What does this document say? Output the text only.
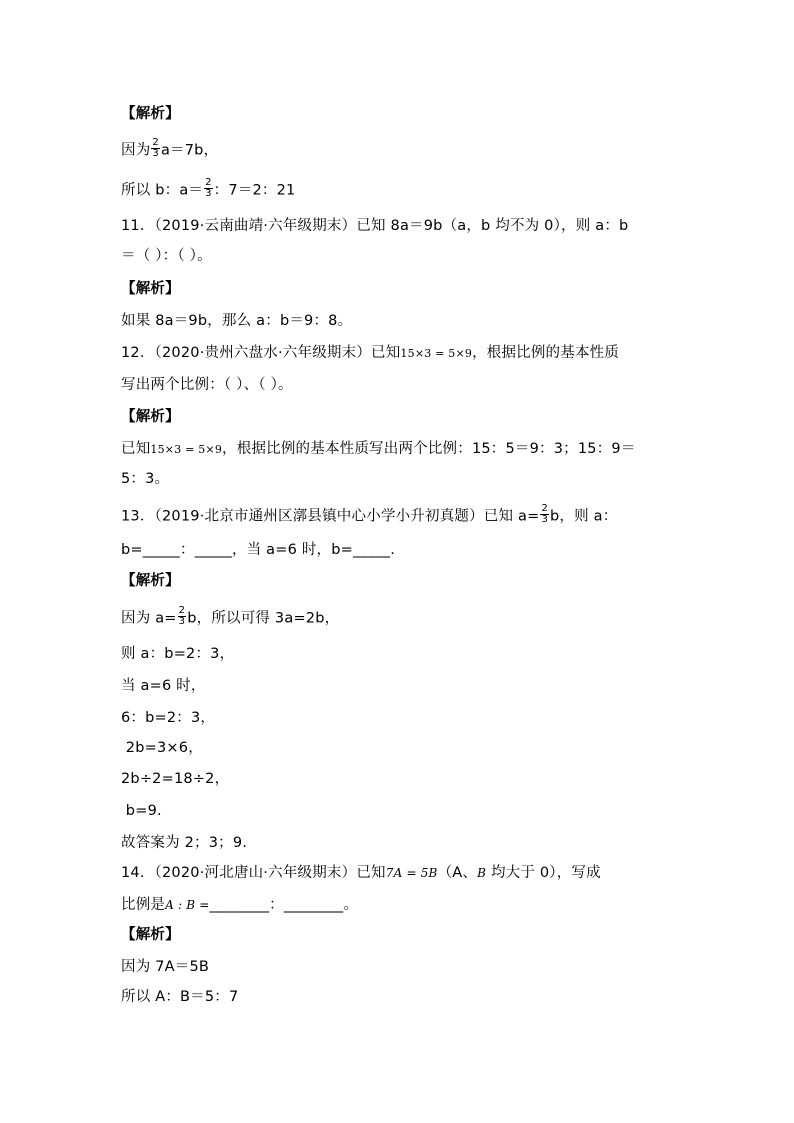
【解析】
因为 $\frac{2}{3} a=7b$，
所以 b：$a= \frac{2}{3}$ ：7＝2：21
11．（2019·云南曲靖·六年级期末）已知 8a＝9b（a，b 均不为 0），则 a：b
＝（ ）：（ ）。
【解析】
如果 8a＝9b，那么 a：b＝9：8。
12．（2020·贵州六盘水·六年级期末）已知15×3 = 5×9，根据比例的基本性质
写出两个比例：（ ）、（ ）。
【解析】
已知15×3 = 5×9，根据比例的基本性质写出两个比例：15：5＝9：3；15：9＝
5：3。
13．（2019·北京市通州区漷县镇中心小学小升初真题）已知 $a= \frac{2}{3}$ b，则 a：
b=_____：_____，当 a=6 时，b=_____.
【解析】
因为 $a= \frac{2}{3}$ b，所以可得 3a=2b，
则 a：b=2：3，
当 a=6 时，
6：b=2：3，
2b=3×6，
2b÷2=18÷2，
b=9.
故答案为 2；3；9.
14．（2020·河北唐山·六年级期末）已知7A = 5B（A、B 均大于 0），写成
比例是A : B =________：________。
【解析】
因为 7A＝5B
所以 A：B＝5：7
